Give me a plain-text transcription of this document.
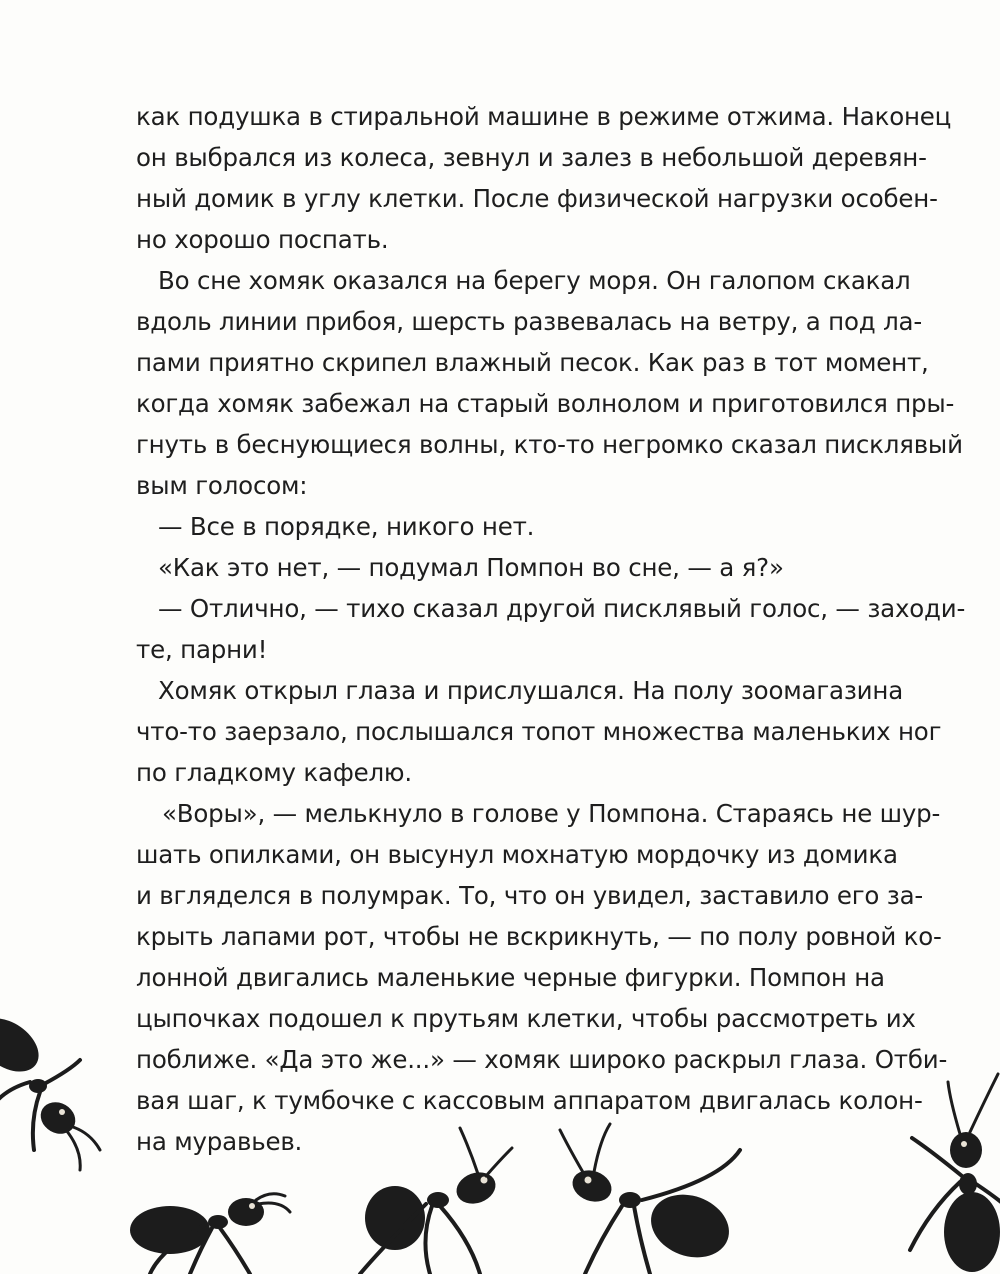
как подушка в стиральной машине в режиме отжима. Наконец
он выбрался из колеса, зевнул и залез в небольшой деревян-
ный домик в углу клетки. После физической нагрузки особен-
но хорошо поспать.
Во сне хомяк оказался на берегу моря. Он галопом скакал
вдоль линии прибоя, шерсть развевалась на ветру, а под ла-
пами приятно скрипел влажный песок. Как раз в тот момент,
когда хомяк забежал на старый волнолом и приготовился пры-
гнуть в беснующиеся волны, кто-то негромко сказал писклявый
вым голосом:
— Все в порядке, никого нет.
«Как это нет, — подумал Помпон во сне, — а я?»
— Отлично, — тихо сказал другой писклявый голос, — заходи-
те, парни!
Хомяк открыл глаза и прислушался. На полу зоомагазина
что-то заерзало, послышался топот множества маленьких ног
по гладкому кафелю.
«Воры», — мелькнуло в голове у Помпона. Стараясь не шур-
шать опилками, он высунул мохнатую мордочку из домика
и вгляделся в полумрак. То, что он увидел, заставило его за-
крыть лапами рот, чтобы не вскрикнуть, — по полу ровной ко-
лонной двигались маленькие черные фигурки. Помпон на
цыпочках подошел к прутьям клетки, чтобы рассмотреть их
поближе. «Да это же...» — хомяк широко раскрыл глаза. Отби-
вая шаг, к тумбочке с кассовым аппаратом двигалась колон-
на муравьев.
